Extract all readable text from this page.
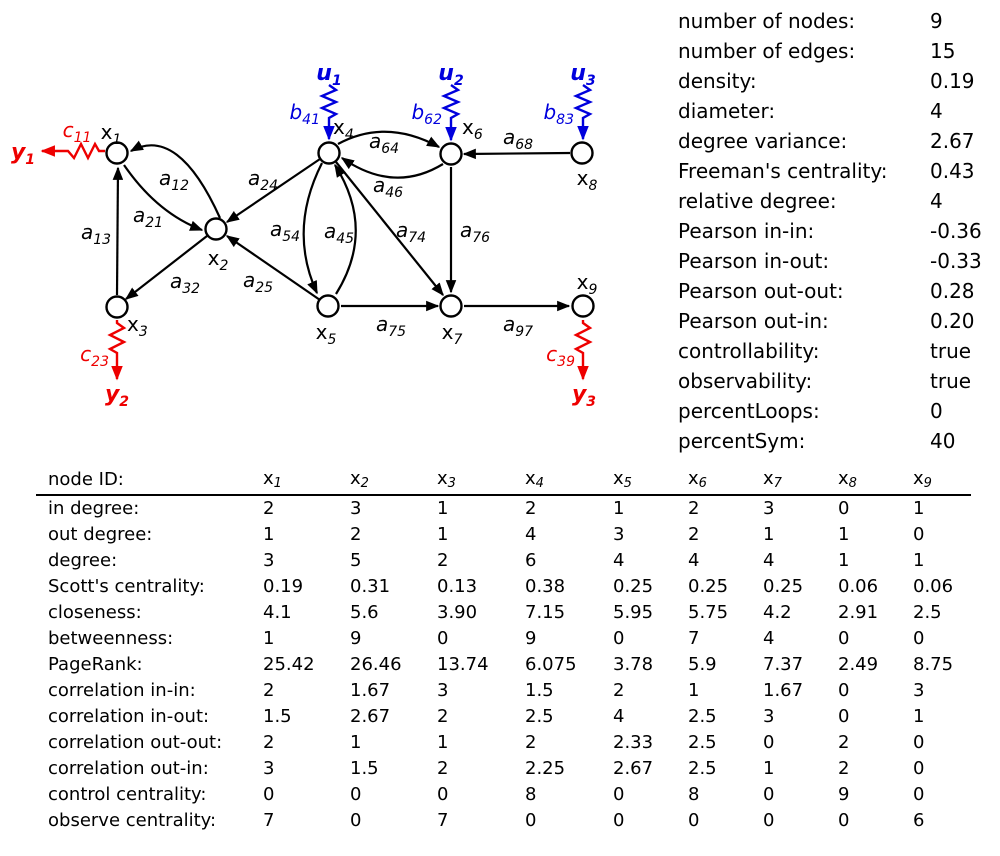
$x_1$
$x_2$
$x_3$
$x_4$
$x_5$
$x_6$
$x_7$
$x_8$
$x_9$
$a_{12}$
$a_{21}$
$a_{13}$
$a_{32}$
$a_{24}$
$a_{25}$
$a_{54}$ $a_{45}$
$a_{64}$
$a_{46}$
$a_{68}$
$a_{74}$
$a_{75}$
$a_{76}$
$a_{97}$
$u_1$
$b_{41}$
$u_2$
$b_{62}$
$u_3$
$b_{83}$
$y_1$
$c_{11}$
$y_2$
$c_{23}$
$y_3$
$c_{39}$
number of nodes:	9
number of edges:	15
density:	0.19
diameter:	4
degree variance:	2.67
Freeman's centrality:	0.43
relative degree:	4
Pearson in-in:	-0.36
Pearson in-out:	-0.33
Pearson out-out:	0.28
Pearson out-in:	0.20
controllability:	true
observability:	true
percentLoops:	0
percentSym:	40
node ID:	x1	x2	x3	x4	x5	x6	x7	x8	x9
in degree:	2	3	1	2	1	2	3	0	1
out degree:	1	2	1	4	3	2	1	1	0
degree:	3	5	2	6	4	4	4	1	1
Scott's centrality:	0.19	0.31	0.13	0.38	0.25	0.25	0.25	0.06	0.06
closeness:	4.1	5.6	3.90	7.15	5.95	5.75	4.2	2.91	2.5
betweenness:	1	9	0	9	0	7	4	0	0
PageRank:	25.42	26.46	13.74	6.075	3.78	5.9	7.37	2.49	8.75
correlation in-in:	2	1.67	3	1.5	2	1	1.67	0	3
correlation in-out:	1.5	2.67	2	2.5	4	2.5	3	0	1
correlation out-out:	2	1	1	2	2.33	2.5	0	2	0
correlation out-in:	3	1.5	2	2.25	2.67	2.5	1	2	0
control centrality:	0	0	0	8	0	8	0	9	0
observe centrality:	7	0	7	0	0	0	0	0	6
